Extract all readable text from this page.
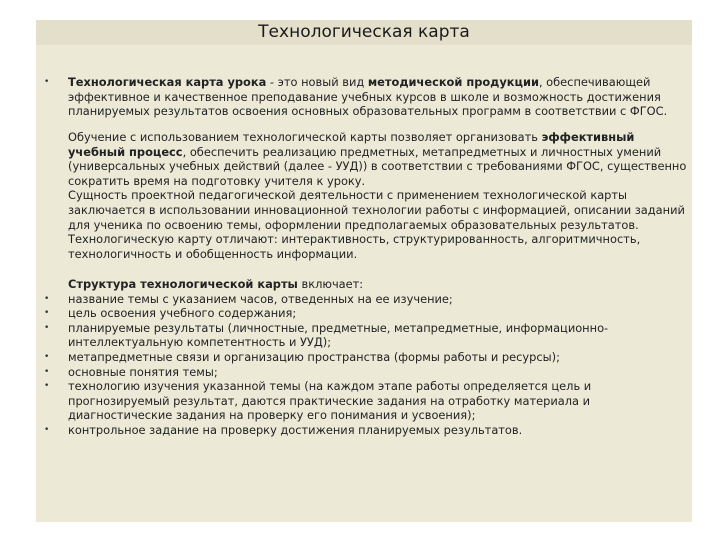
Технологическая карта
• Технологическая карта урока - это новый вид методической продукции, обеспечивающей эффективное и качественное преподавание учебных курсов в школе и возможность достижения планируемых результатов освоения основных образовательных программ в соответствии с ФГОС.
Обучение с использованием технологической карты позволяет организовать эффективный учебный процесс, обеспечить реализацию предметных, метапредметных и личностных умений (универсальных учебных действий (далее - УУД)) в соответствии с требованиями ФГОС, существенно сократить время на подготовку учителя к уроку.
Сущность проектной педагогической деятельности с применением технологической карты заключается в использовании инновационной технологии работы с информацией, описании заданий для ученика по освоению темы, оформлении предполагаемых образовательных результатов. Технологическую карту отличают: интерактивность, структурированность, алгоритмичность, технологичность и обобщенность информации.
Структура технологической карты включает:
• название темы с указанием часов, отведенных на ее изучение;
• цель освоения учебного содержания;
• планируемые результаты (личностные, предметные, метапредметные, информационно-интеллектуальную компетентность и УУД);
• метапредметные связи и организацию пространства (формы работы и ресурсы);
• основные понятия темы;
• технологию изучения указанной темы (на каждом этапе работы определяется цель и прогнозируемый результат, даются практические задания на отработку материала и диагностические задания на проверку его понимания и усвоения);
• контрольное задание на проверку достижения планируемых результатов.
